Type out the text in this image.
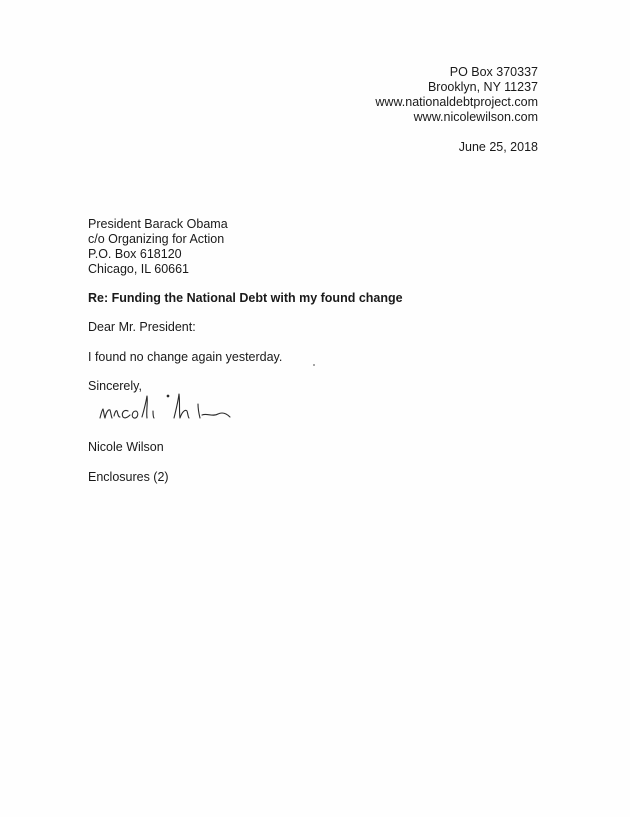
PO Box 370337
Brooklyn, NY 11237
www.nationaldebtproject.com
www.nicolewilson.com
June 25, 2018
President Barack Obama
c/o Organizing for Action
P.O. Box 618120
Chicago, IL 60661
Re: Funding the National Debt with my found change
Dear Mr. President:
I found no change again yesterday.
Sincerely,
Nicole Wilson
Enclosures (2)
